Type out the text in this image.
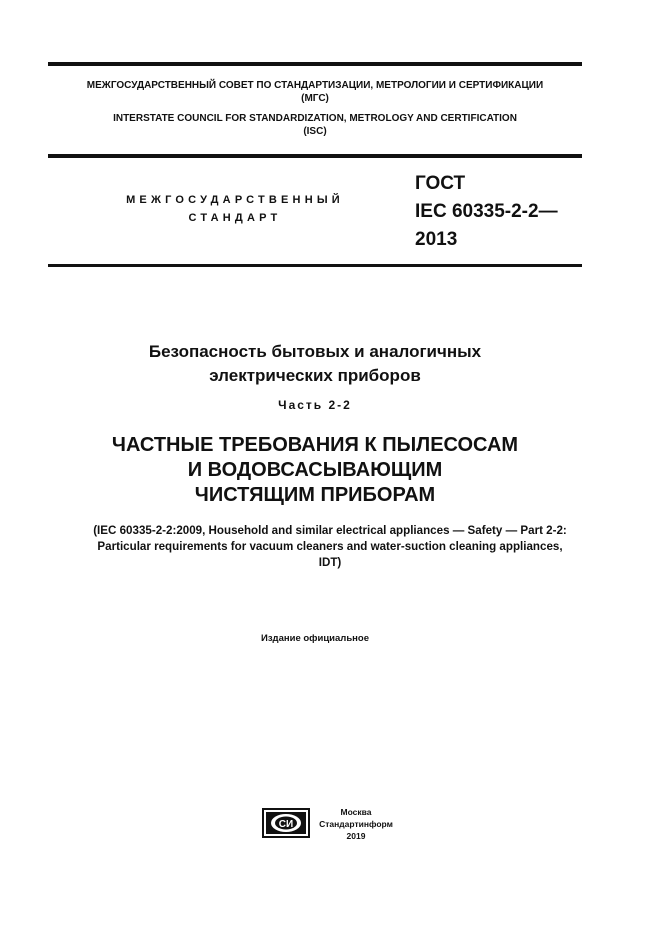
МЕЖГОСУДАРСТВЕННЫЙ СОВЕТ ПО СТАНДАРТИЗАЦИИ, МЕТРОЛОГИИ И СЕРТИФИКАЦИИ
(МГС)
INTERSTATE COUNCIL FOR STANDARDIZATION, METROLOGY AND CERTIFICATION
(ISC)
МЕЖГОСУДАРСТВЕННЫЙ
СТАНДАРТ
ГОСТ
IEC 60335-2-2—
2013
Безопасность бытовых и аналогичных
электрических приборов
Часть 2-2
ЧАСТНЫЕ ТРЕБОВАНИЯ К ПЫЛЕСОСАМ
И ВОДОВСАСЫВАЮЩИМ
ЧИСТЯЩИМ ПРИБОРАМ
(IEC 60335-2-2:2009, Household and similar electrical appliances — Safety — Part 2-2:
Particular requirements for vacuum cleaners and water-suction cleaning appliances,
IDT)
Издание официальное
СИ
Москва
Стандартинформ
2019
